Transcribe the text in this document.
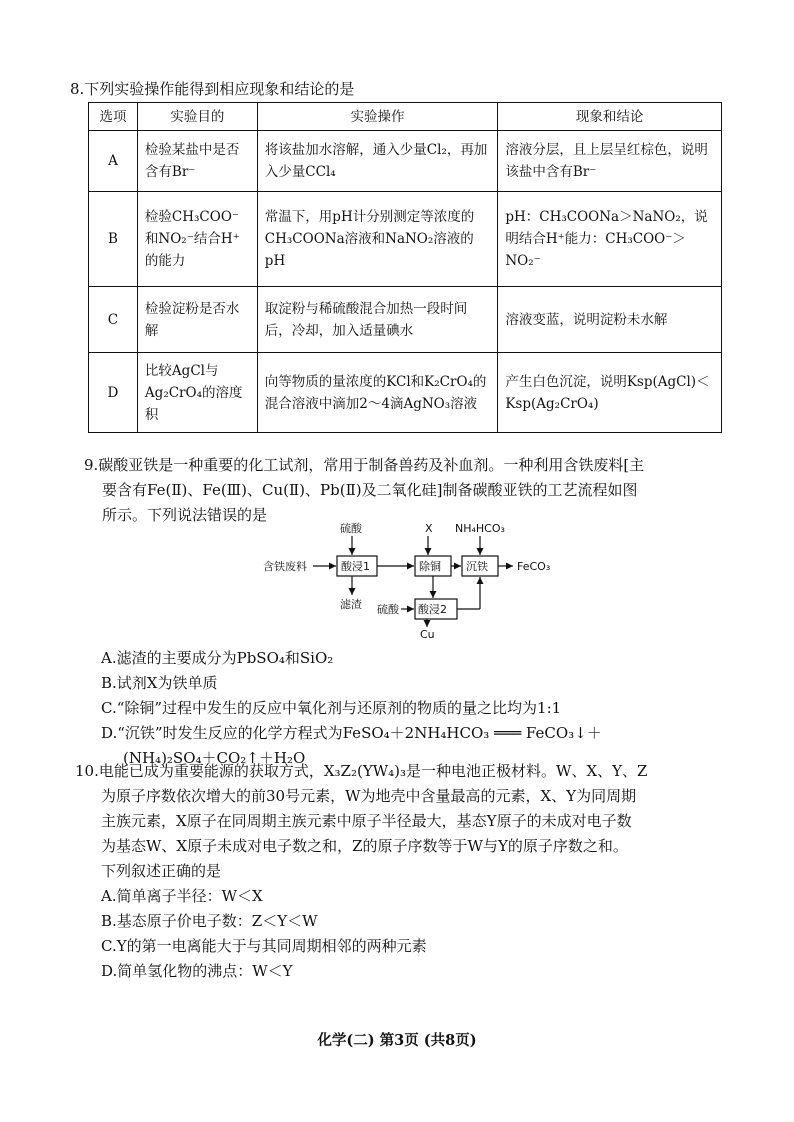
8.下列实验操作能得到相应现象和结论的是
选项	实验目的	实验操作	现象和结论
A	检验某盐中是否含有Br⁻	将该盐加水溶解，通入少量Cl₂，再加入少量CCl₄	溶液分层，且上层呈红棕色，说明该盐中含有Br⁻
B	检验CH₃COO⁻和NO₂⁻结合H⁺的能力	常温下，用pH计分别测定等浓度的CH₃COONa溶液和NaNO₂溶液的pH	pH：CH₃COONa＞NaNO₂，说明结合H⁺能力：CH₃COO⁻＞NO₂⁻
C	检验淀粉是否水解	取淀粉与稀硫酸混合加热一段时间后，冷却，加入适量碘水	溶液变蓝，说明淀粉未水解
D	比较AgCl与Ag₂CrO₄的溶度积	向等物质的量浓度的KCl和K₂CrO₄的混合溶液中滴加2～4滴AgNO₃溶液	产生白色沉淀，说明Ksp(AgCl)＜Ksp(Ag₂CrO₄)
9.碳酸亚铁是一种重要的化工试剂，常用于制备兽药及补血剂。一种利用含铁废料[主
要含有Fe(Ⅱ)、Fe(Ⅲ)、Cu(Ⅱ)、Pb(Ⅱ)及二氧化硅]制备碳酸亚铁的工艺流程如图
所示。下列说法错误的是
硫酸	X NH₄HCO₃
含铁废料	酸浸1
滤渣
除铜 沉铁	FeCO₃
酸浸2
硫酸
Cu
A.滤渣的主要成分为PbSO₄和SiO₂
B.试剂X为铁单质
C.“除铜”过程中发生的反应中氧化剂与还原剂的物质的量之比均为1:1
D.“沉铁”时发生反应的化学方程式为FeSO₄＋2NH₄HCO₃ ═══ FeCO₃↓＋
(NH₄)₂SO₄＋CO₂↑＋H₂O
10.电能已成为重要能源的获取方式，X₃Z₂(YW₄)₃是一种电池正极材料。W、X、Y、Z
为原子序数依次增大的前30号元素，W为地壳中含量最高的元素，X、Y为同周期
主族元素，X原子在同周期主族元素中原子半径最大，基态Y原子的未成对电子数
为基态W、X原子未成对电子数之和，Z的原子序数等于W与Y的原子序数之和。
下列叙述正确的是
A.简单离子半径：W＜X
B.基态原子价电子数：Z＜Y＜W
C.Y的第一电离能大于与其同周期相邻的两种元素
D.简单氢化物的沸点：W＜Y
化学(二) 第3页 (共8页)
